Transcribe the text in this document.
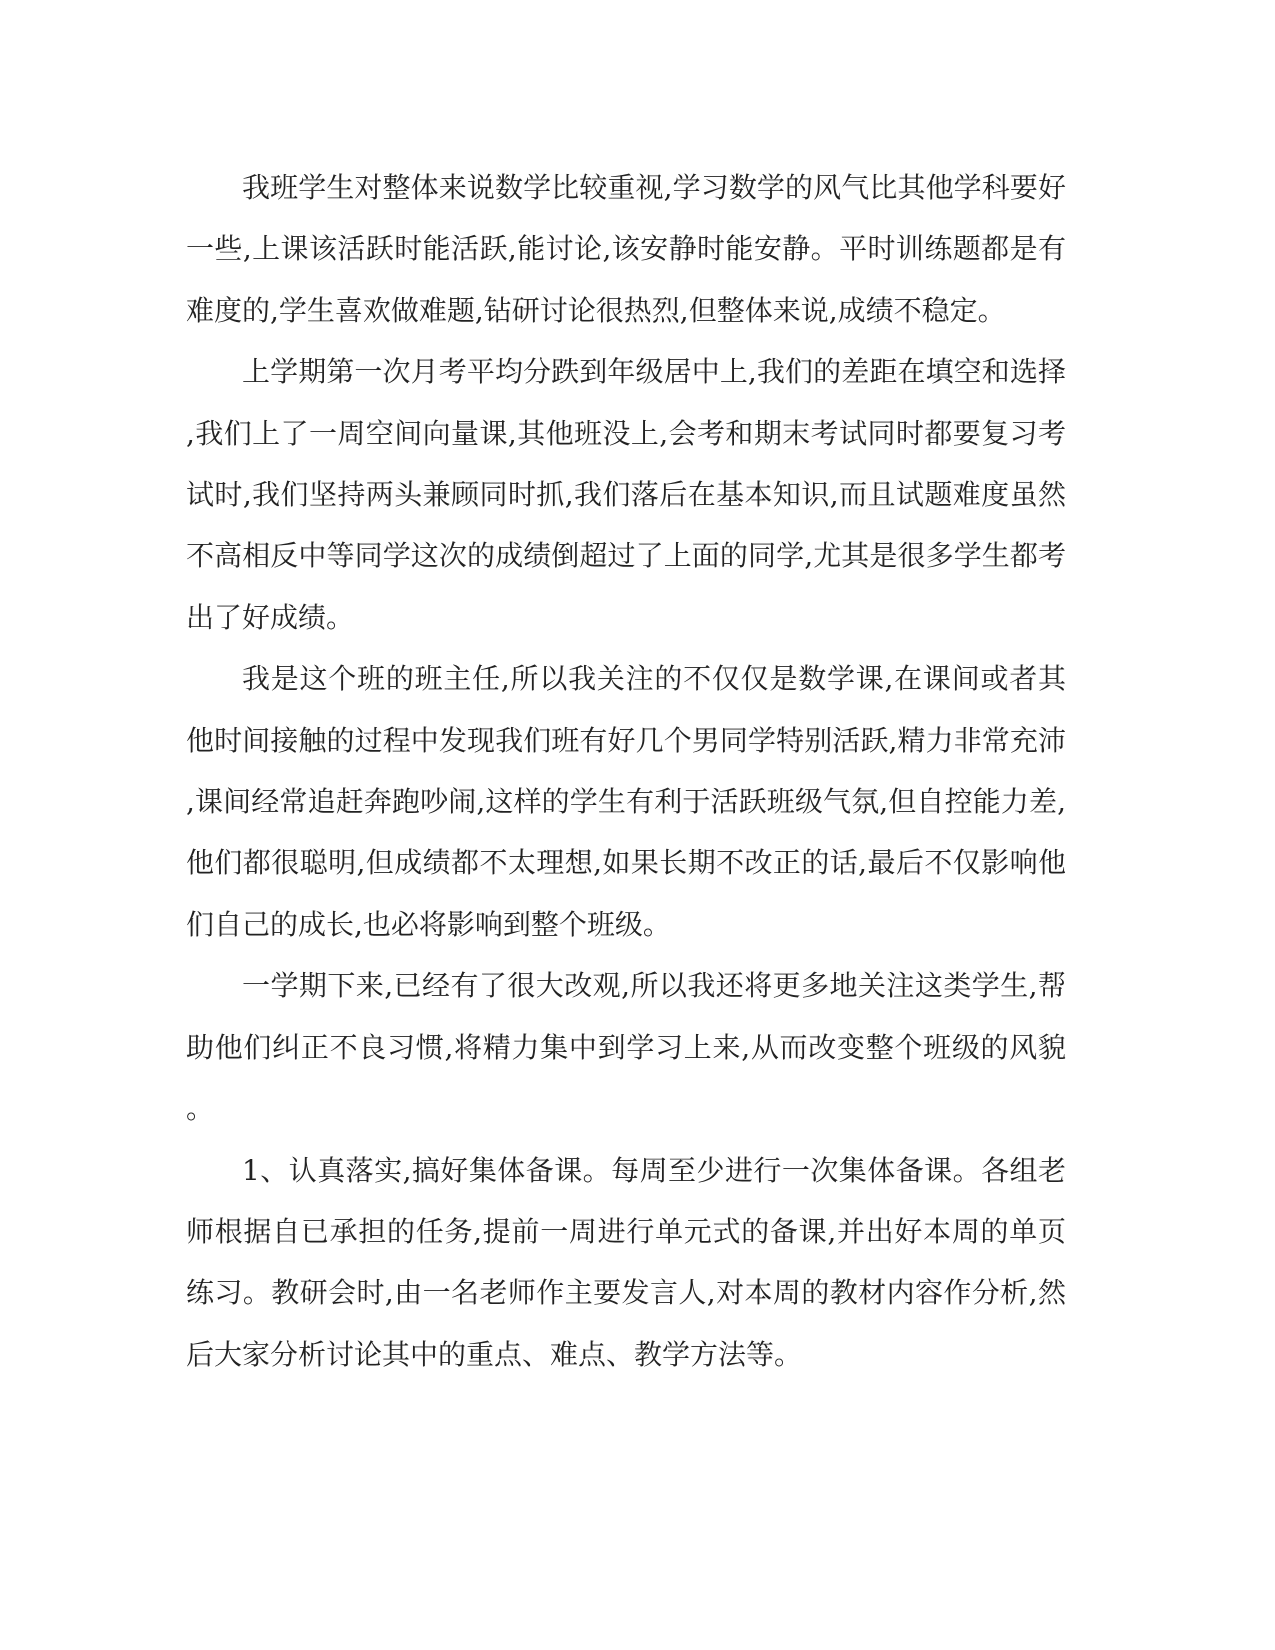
我班学生对整体来说数学比较重视,学习数学的风气比其他学科要好一些,上课该活跃时能活跃,能讨论,该安静时能安静。平时训练题都是有难度的,学生喜欢做难题,钻研讨论很热烈,但整体来说,成绩不稳定。

上学期第一次月考平均分跌到年级居中上,我们的差距在填空和选择,我们上了一周空间向量课,其他班没上,会考和期末考试同时都要复习考试时,我们坚持两头兼顾同时抓,我们落后在基本知识,而且试题难度虽然不高相反中等同学这次的成绩倒超过了上面的同学,尤其是很多学生都考出了好成绩。

我是这个班的班主任,所以我关注的不仅仅是数学课,在课间或者其他时间接触的过程中发现我们班有好几个男同学特别活跃,精力非常充沛,课间经常追赶奔跑吵闹,这样的学生有利于活跃班级气氛,但自控能力差,他们都很聪明,但成绩都不太理想,如果长期不改正的话,最后不仅影响他们自己的成长,也必将影响到整个班级。

一学期下来,已经有了很大改观,所以我还将更多地关注这类学生,帮助他们纠正不良习惯,将精力集中到学习上来,从而改变整个班级的风貌。

1、认真落实,搞好集体备课。每周至少进行一次集体备课。各组老师根据自已承担的任务,提前一周进行单元式的备课,并出好本周的单页练习。教研会时,由一名老师作主要发言人,对本周的教材内容作分析,然后大家分析讨论其中的重点、难点、教学方法等。
